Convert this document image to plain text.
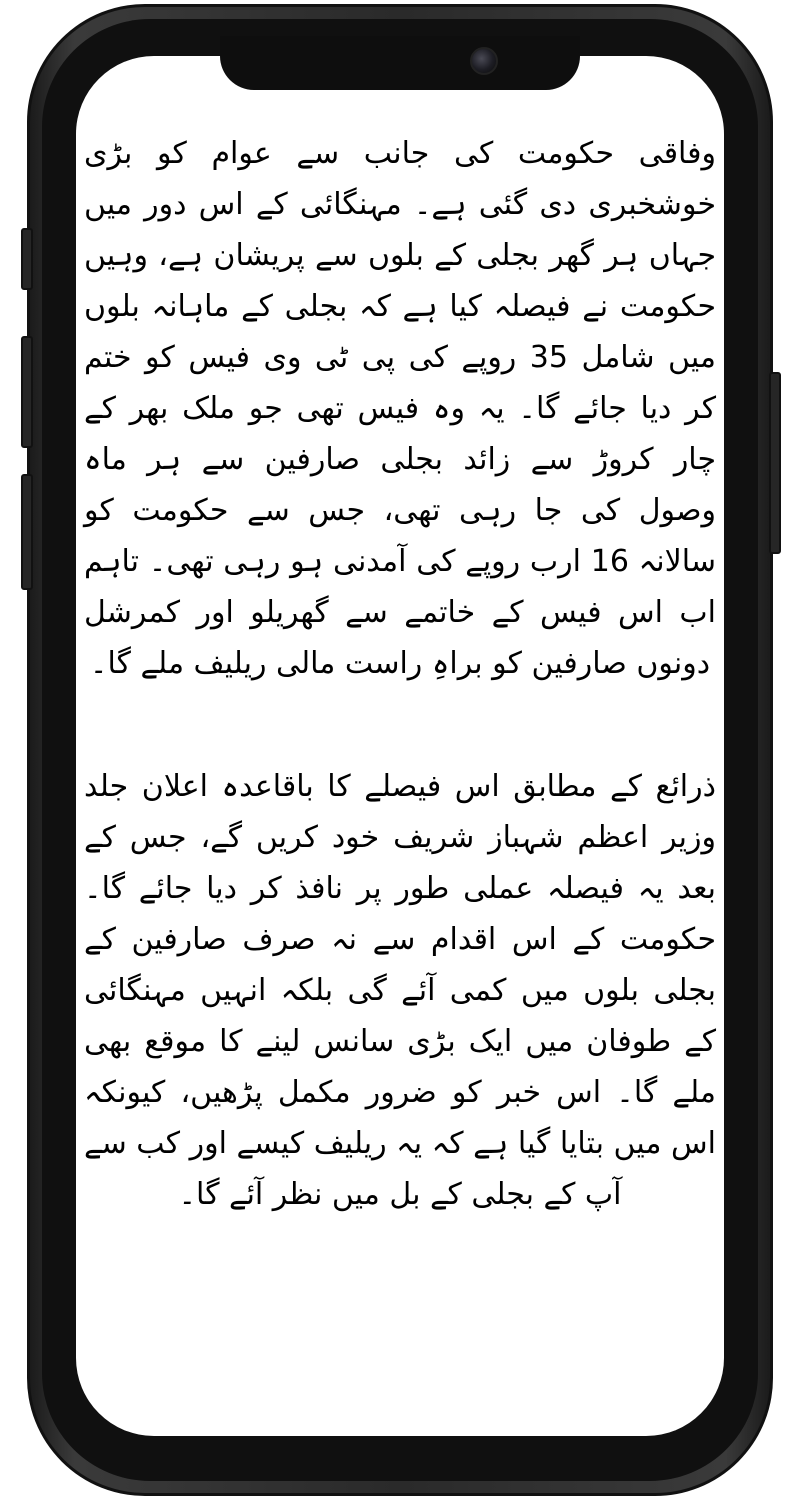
وفاقی حکومت کی جانب سے عوام کو بڑی خوشخبری دی گئی ہے۔ مہنگائی کے اس دور میں جہاں ہر گھر بجلی کے بلوں سے پریشان ہے، وہیں حکومت نے فیصلہ کیا ہے کہ بجلی کے ماہانہ بلوں میں شامل 35 روپے کی پی ٹی وی فیس کو ختم کر دیا جائے گا۔ یہ وہ فیس تھی جو ملک بھر کے چار کروڑ سے زائد بجلی صارفین سے ہر ماہ وصول کی جا رہی تھی، جس سے حکومت کو سالانہ 16 ارب روپے کی آمدنی ہو رہی تھی۔ تاہم اب اس فیس کے خاتمے سے گھریلو اور کمرشل دونوں صارفین کو براہِ راست مالی ریلیف ملے گا۔

ذرائع کے مطابق اس فیصلے کا باقاعدہ اعلان جلد وزیر اعظم شہباز شریف خود کریں گے، جس کے بعد یہ فیصلہ عملی طور پر نافذ کر دیا جائے گا۔ حکومت کے اس اقدام سے نہ صرف صارفین کے بجلی بلوں میں کمی آئے گی بلکہ انہیں مہنگائی کے طوفان میں ایک بڑی سانس لینے کا موقع بھی ملے گا۔ اس خبر کو ضرور مکمل پڑھیں، کیونکہ اس میں بتایا گیا ہے کہ یہ ریلیف کیسے اور کب سے آپ کے بجلی کے بل میں نظر آئے گا۔
